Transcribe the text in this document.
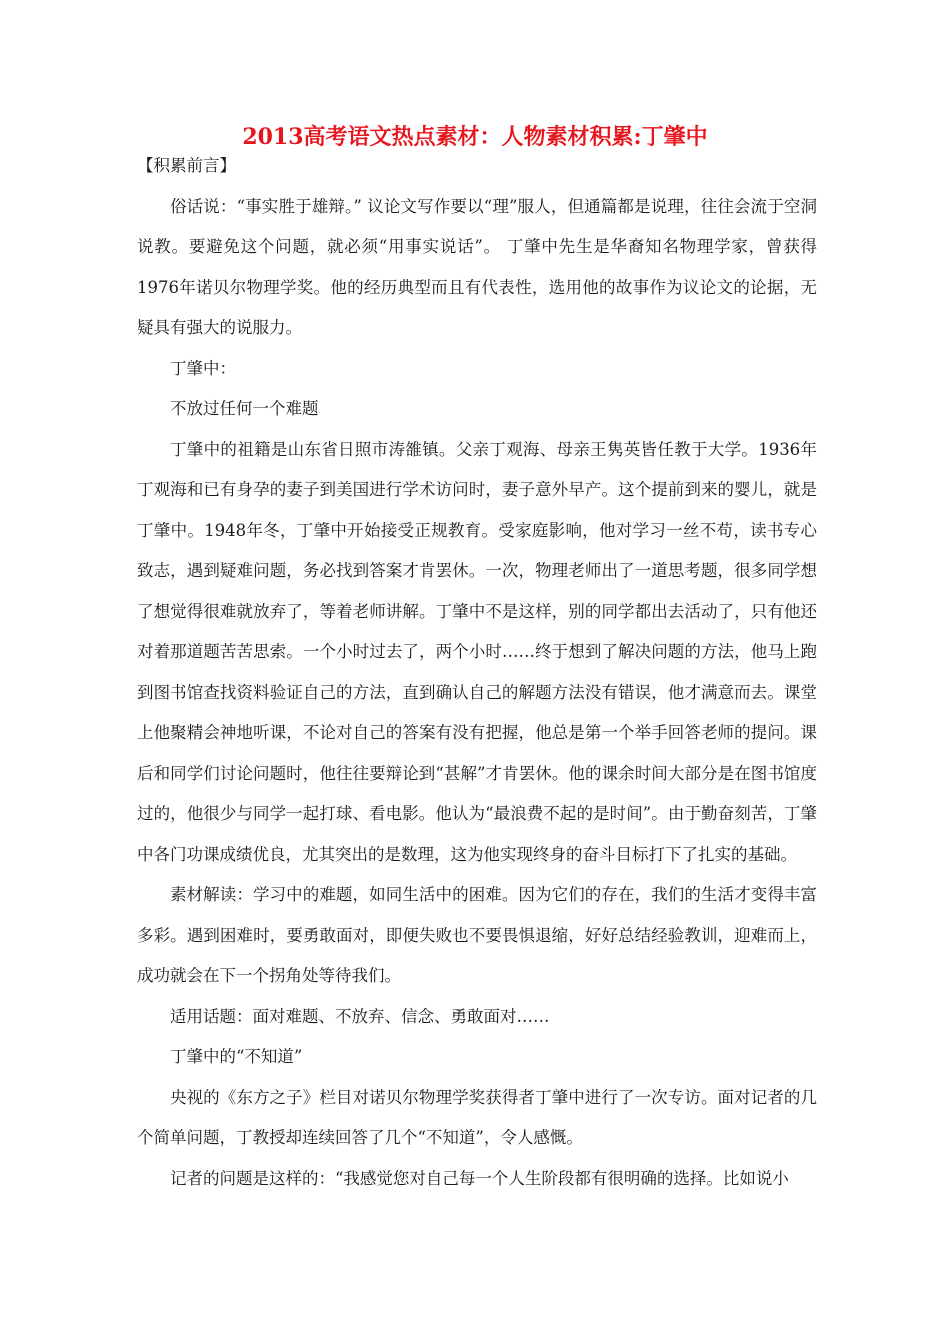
2013高考语文热点素材：人物素材积累:丁肇中

【积累前言】

俗话说：“事实胜于雄辩。” 议论文写作要以“理”服人，但通篇都是说理，往往会流于空洞说教。要避免这个问题，就必须“用事实说话”。 丁肇中先生是华裔知名物理学家，曾获得1976年诺贝尔物理学奖。他的经历典型而且有代表性，选用他的故事作为议论文的论据，无疑具有强大的说服力。

丁肇中：

不放过任何一个难题

丁肇中的祖籍是山东省日照市涛雒镇。父亲丁观海、母亲王隽英皆任教于大学。1936年丁观海和已有身孕的妻子到美国进行学术访问时，妻子意外早产。这个提前到来的婴儿，就是丁肇中。1948年冬，丁肇中开始接受正规教育。受家庭影响，他对学习一丝不苟，读书专心致志，遇到疑难问题，务必找到答案才肯罢休。一次，物理老师出了一道思考题，很多同学想了想觉得很难就放弃了，等着老师讲解。丁肇中不是这样，别的同学都出去活动了，只有他还对着那道题苦苦思索。一个小时过去了，两个小时……终于想到了解决问题的方法，他马上跑到图书馆查找资料验证自己的方法，直到确认自己的解题方法没有错误，他才满意而去。课堂上他聚精会神地听课，不论对自己的答案有没有把握，他总是第一个举手回答老师的提问。课后和同学们讨论问题时，他往往要辩论到“甚解”才肯罢休。他的课余时间大部分是在图书馆度过的，他很少与同学一起打球、看电影。他认为“最浪费不起的是时间”。由于勤奋刻苦，丁肇中各门功课成绩优良，尤其突出的是数理，这为他实现终身的奋斗目标打下了扎实的基础。

素材解读：学习中的难题，如同生活中的困难。因为它们的存在，我们的生活才变得丰富多彩。遇到困难时，要勇敢面对，即便失败也不要畏惧退缩，好好总结经验教训，迎难而上，成功就会在下一个拐角处等待我们。

适用话题：面对难题、不放弃、信念、勇敢面对……

丁肇中的“不知道”

央视的《东方之子》栏目对诺贝尔物理学奖获得者丁肇中进行了一次专访。面对记者的几个简单问题，丁教授却连续回答了几个“不知道”，令人感慨。

记者的问题是这样的：“我感觉您对自己每一个人生阶段都有很明确的选择。比如说小
